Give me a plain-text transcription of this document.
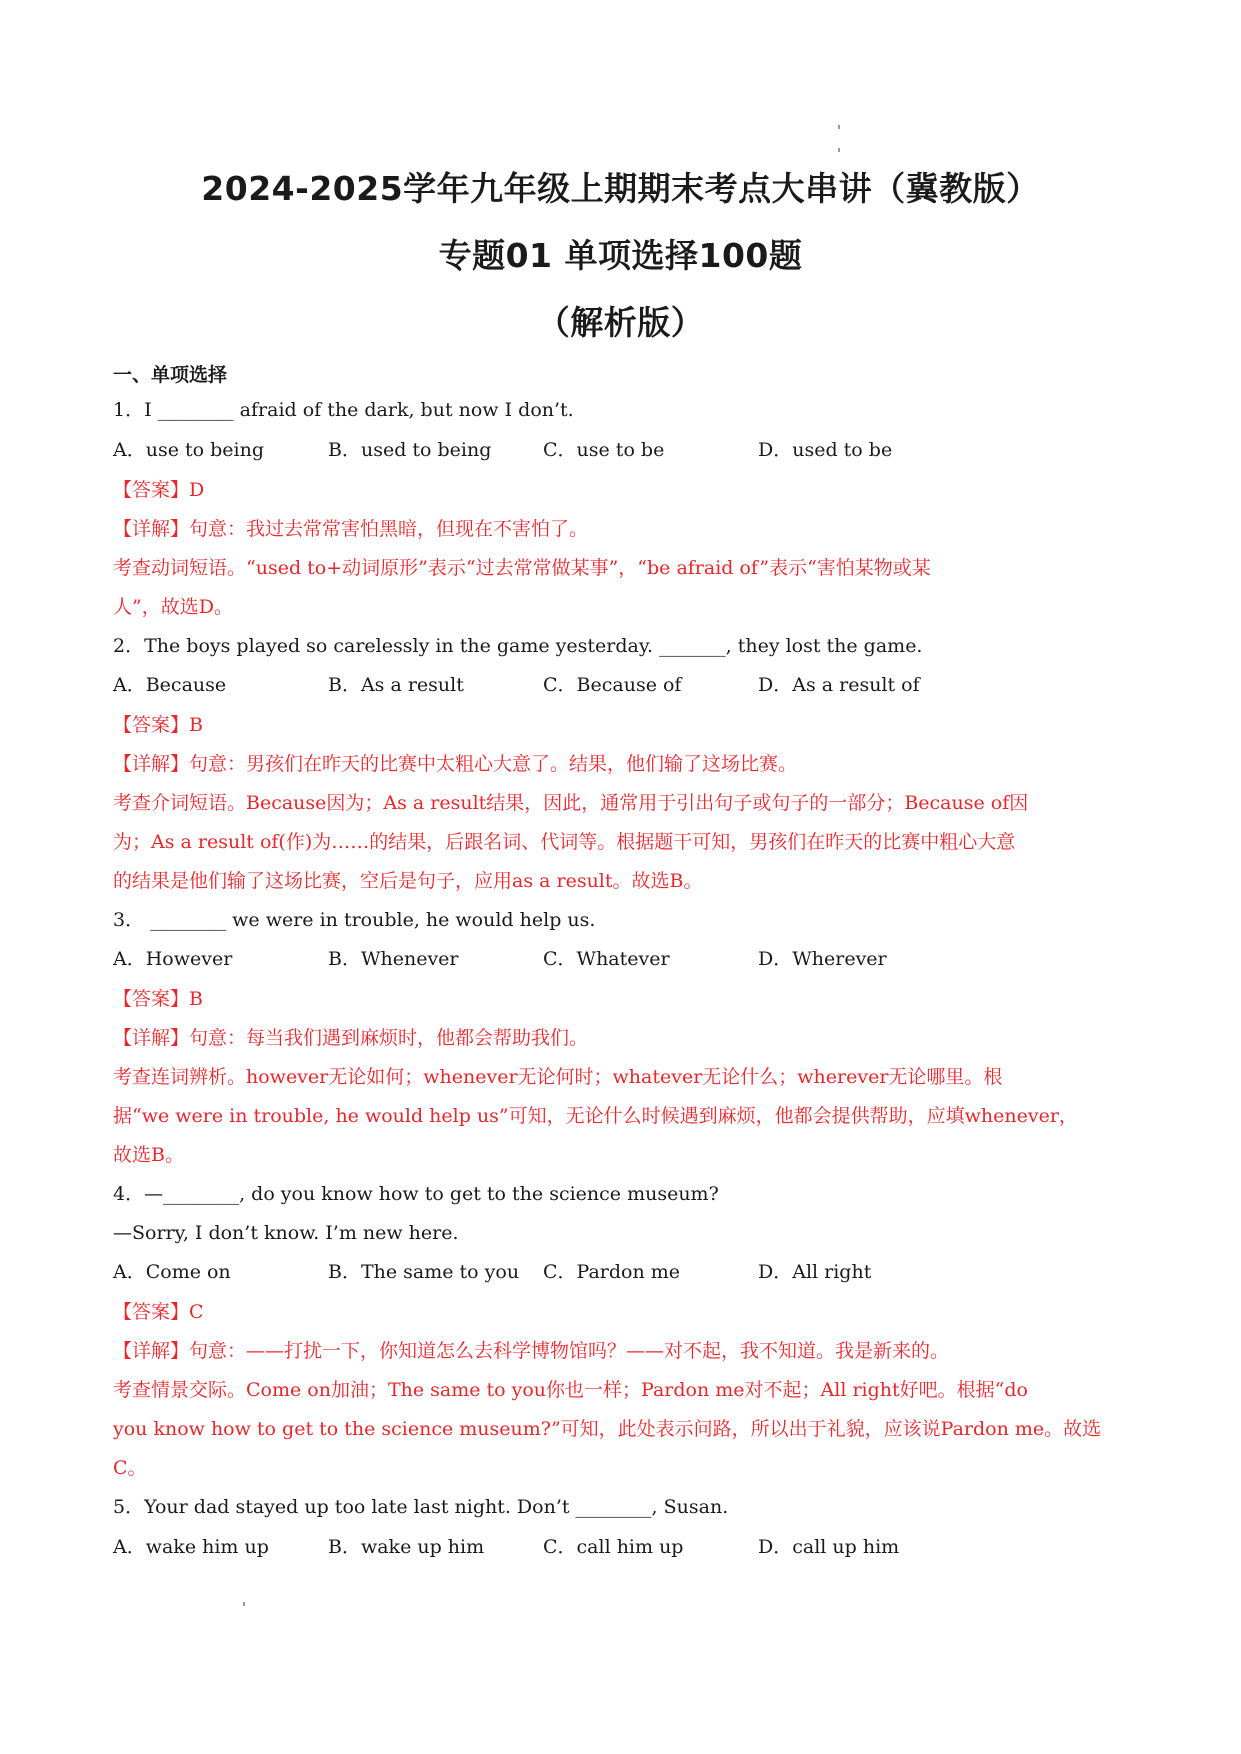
2024-2025学年九年级上期期末考点大串讲（冀教版）
专题01 单项选择100题
（解析版）
一、单项选择
1．I ________ afraid of the dark, but now I don’t.
A．use to being	B．used to being	C．use to be	D．used to be
【答案】D
【详解】句意：我过去常常害怕黑暗，但现在不害怕了。
考查动词短语。“used to+动词原形”表示“过去常常做某事”，“be afraid of”表示“害怕某物或某
人”，故选D。
2．The boys played so carelessly in the game yesterday. _______, they lost the game.
A．Because	B．As a result	C．Because of	D．As a result of
【答案】B
【详解】句意：男孩们在昨天的比赛中太粗心大意了。结果，他们输了这场比赛。
考查介词短语。Because因为；As a result结果，因此，通常用于引出句子或句子的一部分；Because of因
为；As a result of(作)为……的结果，后跟名词、代词等。根据题干可知，男孩们在昨天的比赛中粗心大意
的结果是他们输了这场比赛，空后是句子，应用as a result。故选B。
3． ________ we were in trouble, he would help us.
A．However	B．Whenever	C．Whatever	D．Wherever
【答案】B
【详解】句意：每当我们遇到麻烦时，他都会帮助我们。
考查连词辨析。however无论如何；whenever无论何时；whatever无论什么；wherever无论哪里。根
据“we were in trouble, he would help us”可知，无论什么时候遇到麻烦，他都会提供帮助，应填whenever，
故选B。
4．—________, do you know how to get to the science museum?
—Sorry, I don’t know. I’m new here.
A．Come on	B．The same to you C．Pardon me	D．All right
【答案】C
【详解】句意：——打扰一下，你知道怎么去科学博物馆吗？——对不起，我不知道。我是新来的。
考查情景交际。Come on加油；The same to you你也一样；Pardon me对不起；All right好吧。根据“do
you know how to get to the science museum?”可知，此处表示问路，所以出于礼貌，应该说Pardon me。故选
C。
5．Your dad stayed up too late last night. Don’t ________, Susan.
A．wake him up	B．wake up him	C．call him up	D．call up him
